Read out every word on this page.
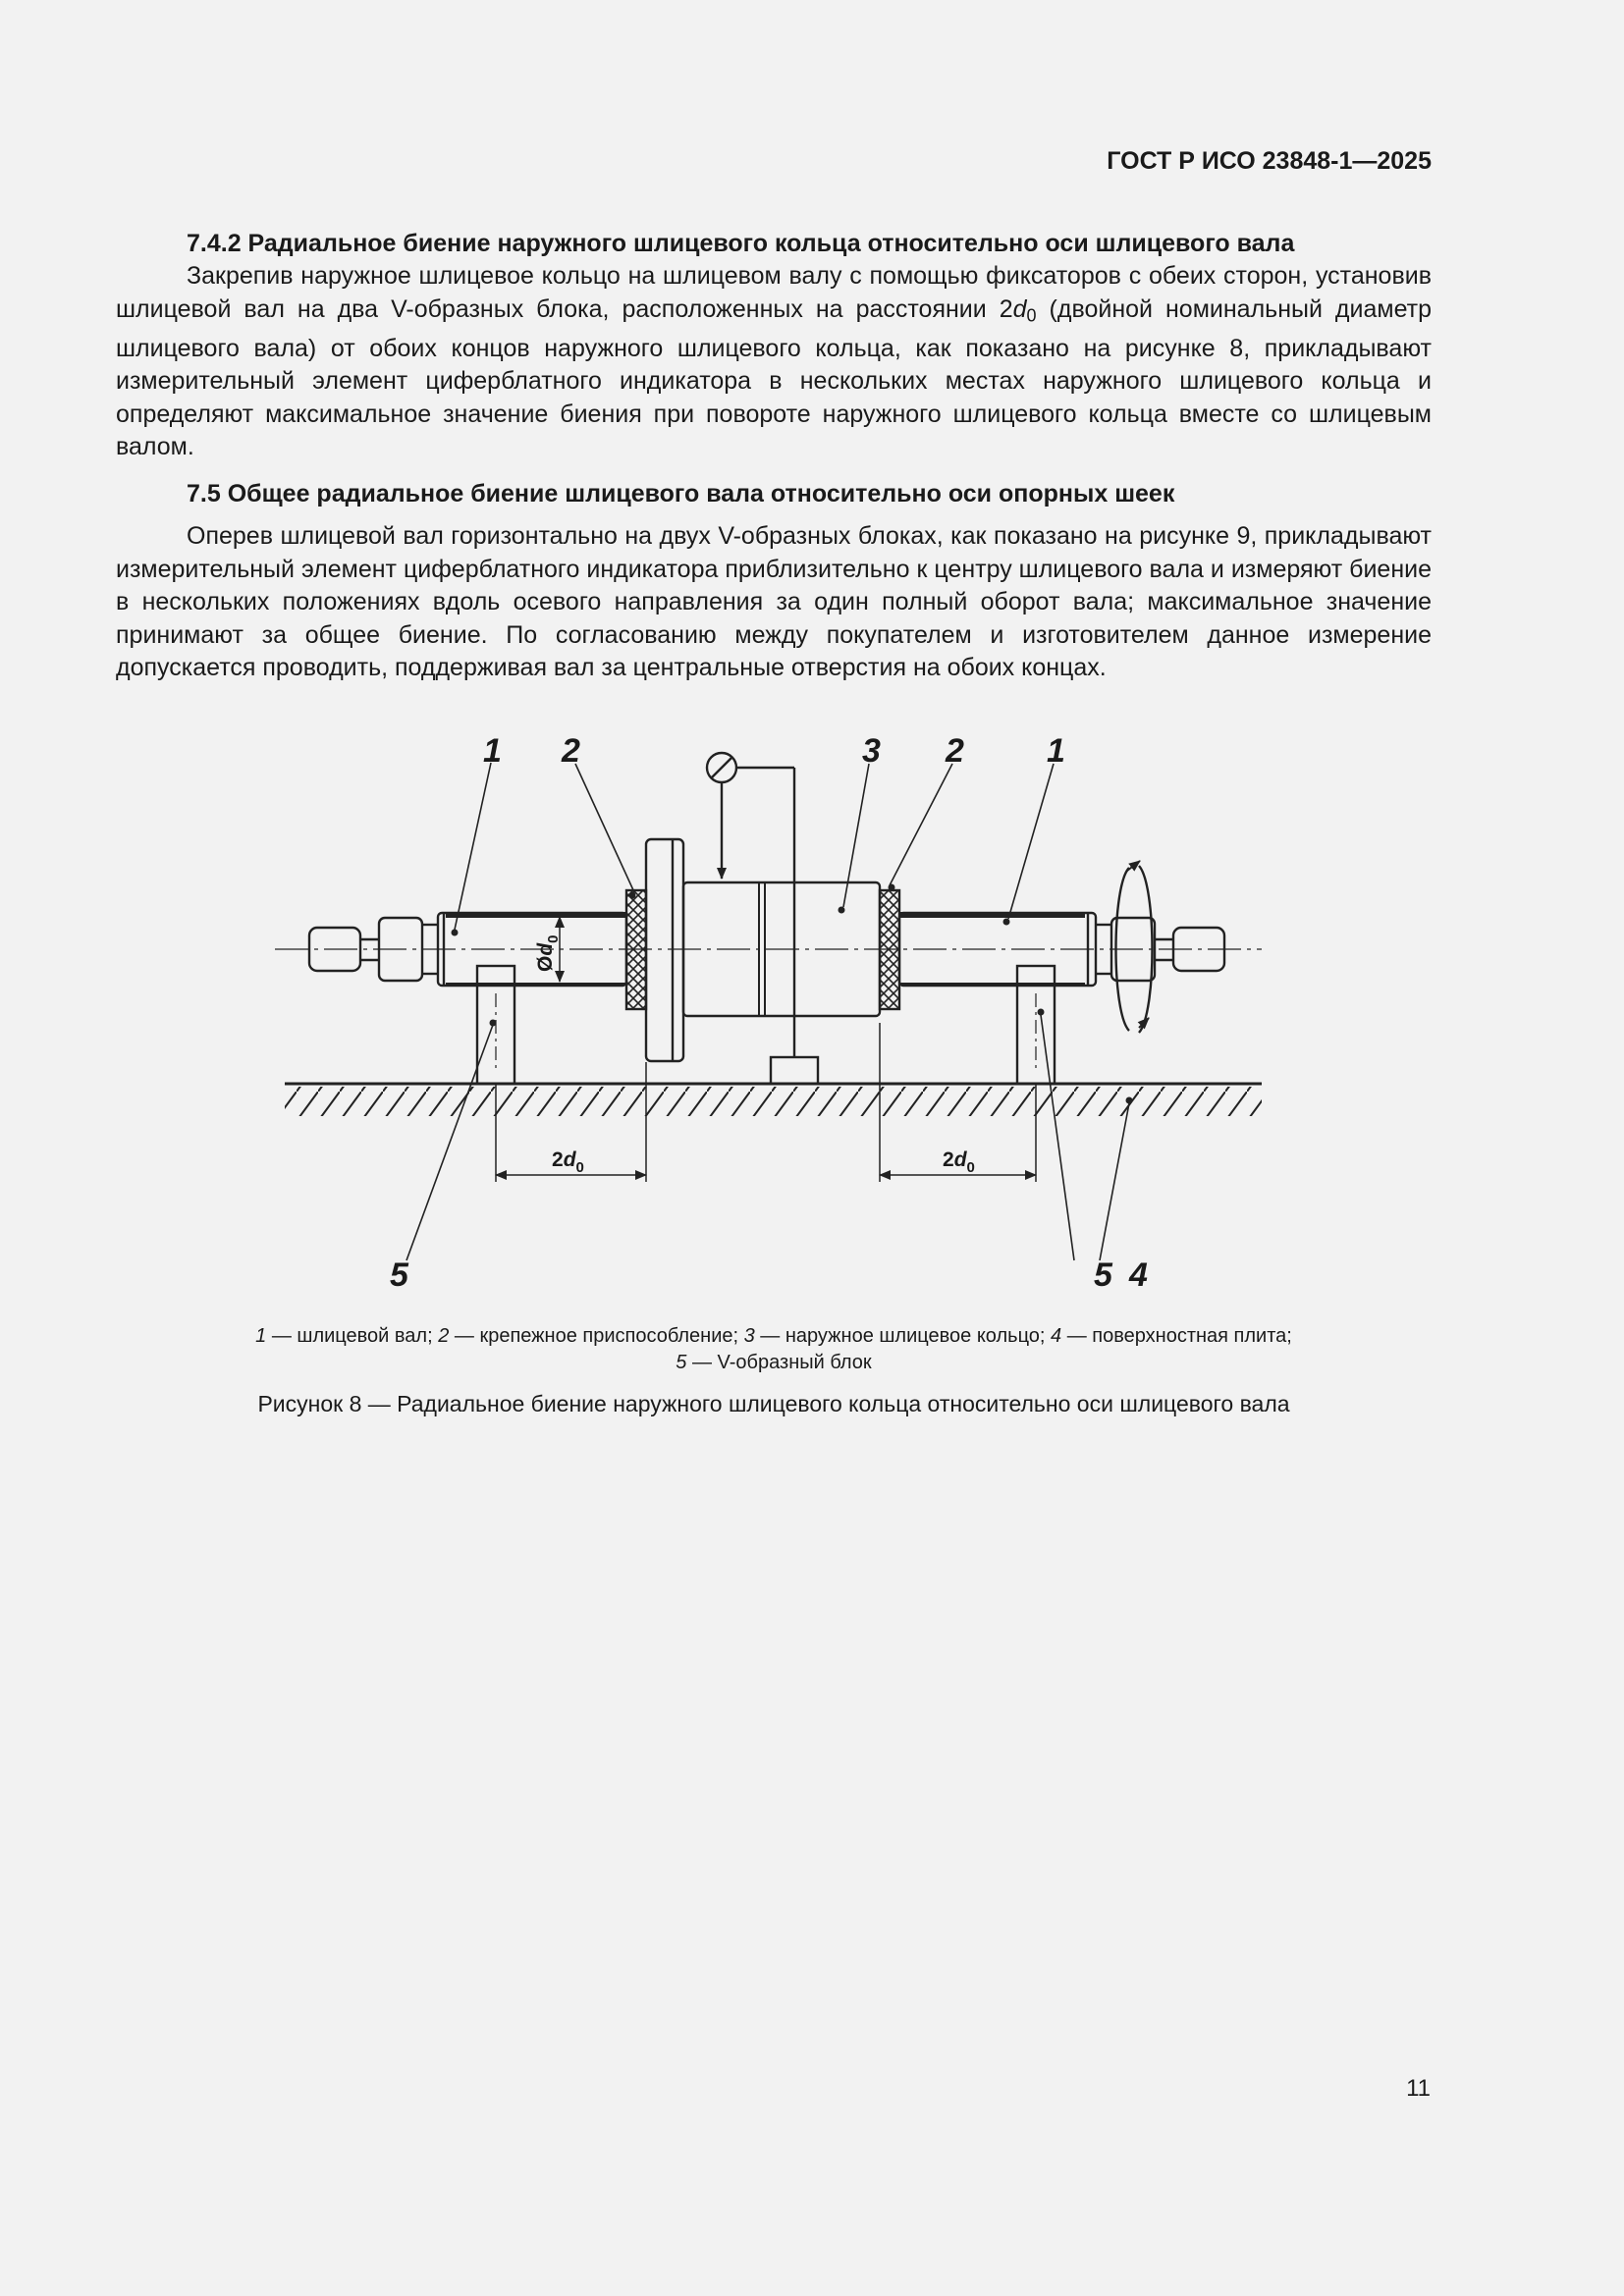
ГОСТ Р ИСО 23848-1—2025

7.4.2 Радиальное биение наружного шлицевого кольца относительно оси шлицевого вала

Закрепив наружное шлицевое кольцо на шлицевом валу с помощью фиксаторов с обеих сторон, установив шлицевой вал на два V-образных блока, расположенных на расстоянии $2d_0$ (двойной номинальный диаметр шлицевого вала) от обоих концов наружного шлицевого кольца, как показано на рисунке 8, прикладывают измерительный элемент циферблатного индикатора в нескольких местах наружного шлицевого кольца и определяют максимальное значение биения при повороте наружного шлицевого кольца вместе со шлицевым валом.

7.5 Общее радиальное биение шлицевого вала относительно оси опорных шеек

Оперев шлицевой вал горизонтально на двух V-образных блоках, как показано на рисунке 9, прикладывают измерительный элемент циферблатного индикатора приблизительно к центру шлицевого вала и измеряют биение в нескольких положениях вдоль осевого направления за один полный оборот вала; максимальное значение принимают за общее биение. По согласованию между покупателем и изготовителем данное измерение допускается проводить, поддерживая вал за центральные отверстия на обоих концах.

1 2	3 2 1
5	5 4
$2d_0$	$2d_0$
$Ød_0$
1 — шлицевой вал; 2 — крепежное приспособление; 3 — наружное шлицевое кольцо; 4 — поверхностная плита;
5 — V-образный блок
Рисунок 8 — Радиальное биение наружного шлицевого кольца относительно оси шлицевого вала
11
